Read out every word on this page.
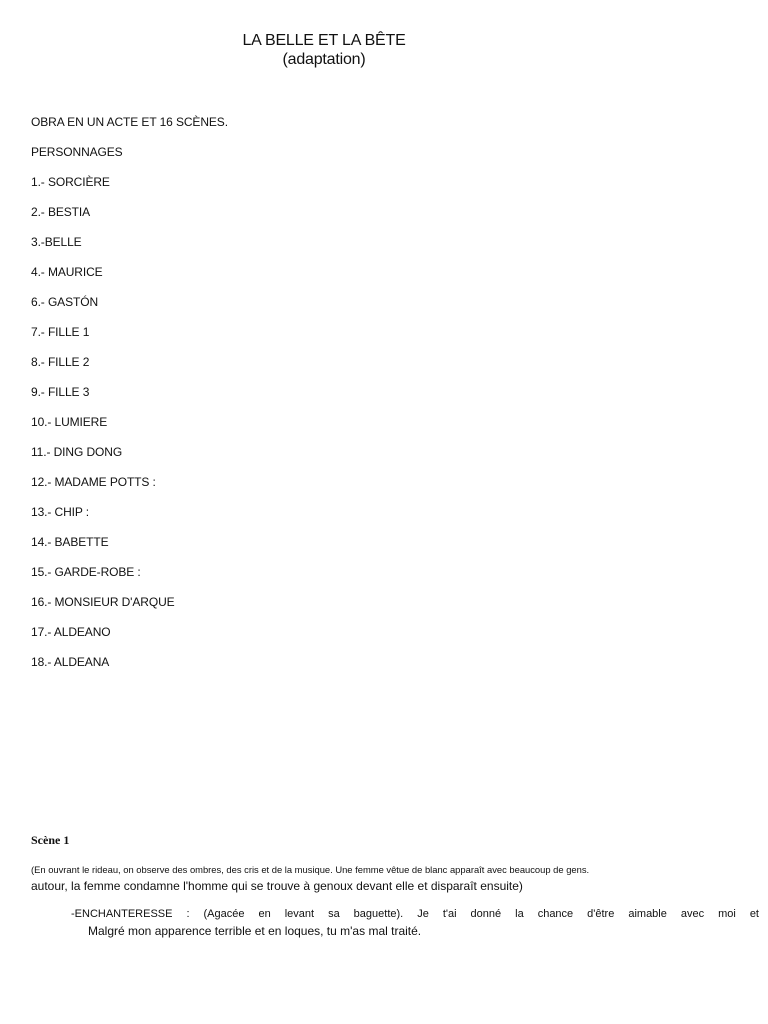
LA BELLE ET LA BÊTE
(adaptation)
OBRA EN UN ACTE ET 16 SCÈNES.
PERSONNAGES
1.- SORCIÈRE
2.- BESTIA
3.-BELLE
4.- MAURICE
6.- GASTÓN
7.- FILLE 1
8.- FILLE 2
9.- FILLE 3
10.- LUMIERE
11.- DING DONG
12.- MADAME POTTS :
13.- CHIP :
14.- BABETTE
15.- GARDE-ROBE :
16.- MONSIEUR D'ARQUE
17.- ALDEANO
18.- ALDEANA
Scène 1
(En ouvrant le rideau, on observe des ombres, des cris et de la musique. Une femme vêtue de blanc apparaît avec beaucoup de gens.
autour, la femme condamne l'homme qui se trouve à genoux devant elle et disparaît ensuite)
-ENCHANTERESSE : (Agacée en levant sa baguette). Je t'ai donné la chance d'être aimable avec moi et
Malgré mon apparence terrible et en loques, tu m'as mal traité.
